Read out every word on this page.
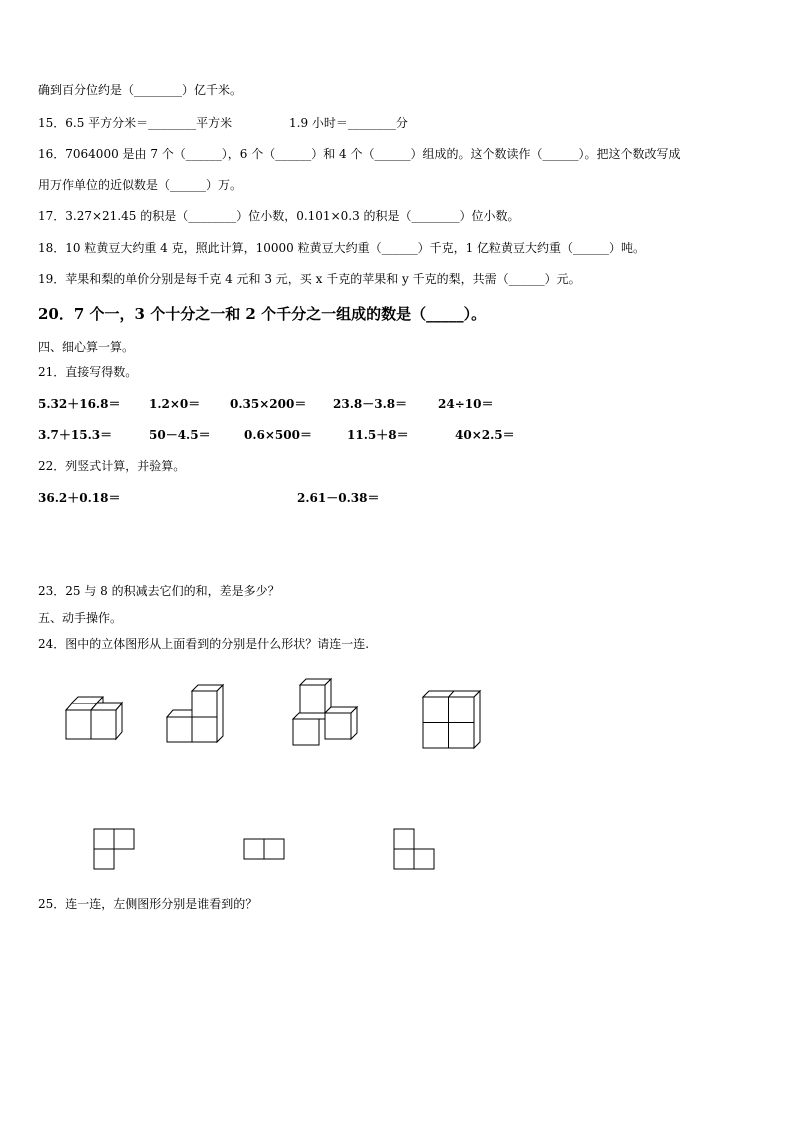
确到百分位约是（________）亿千米。
15．6.5 平方分米＝________平方米	1.9 小时＝________分
16．7064000 是由 7 个（______），6 个（______）和 4 个（______）组成的。这个数读作（______）。把这个数改写成
用万作单位的近似数是（______）万。
17．3.27×21.45 的积是（________）位小数，0.101×0.3 的积是（________）位小数。
18．10 粒黄豆大约重 4 克，照此计算，10000 粒黄豆大约重（______）千克，1 亿粒黄豆大约重（______）吨。
19．苹果和梨的单价分别是每千克 4 元和 3 元，买 x 千克的苹果和 y 千克的梨，共需（______）元。
20．7 个一，3 个十分之一和 2 个千分之一组成的数是（_____）。
四、细心算一算。
21．直接写得数。
5.32＋16.8＝ 1.2×0＝ 0.35×200＝ 23.8－3.8＝	24÷10＝
3.7＋15.3＝	50－4.5＝	0.6×500＝	11.5＋8＝	40×2.5＝
22．列竖式计算，并验算。
36.2＋0.18＝	2.61－0.38＝
23．25 与 8 的积减去它们的和，差是多少？
五、动手操作。
24．图中的立体图形从上面看到的分别是什么形状？请连一连.
25．连一连，左侧图形分别是谁看到的？
